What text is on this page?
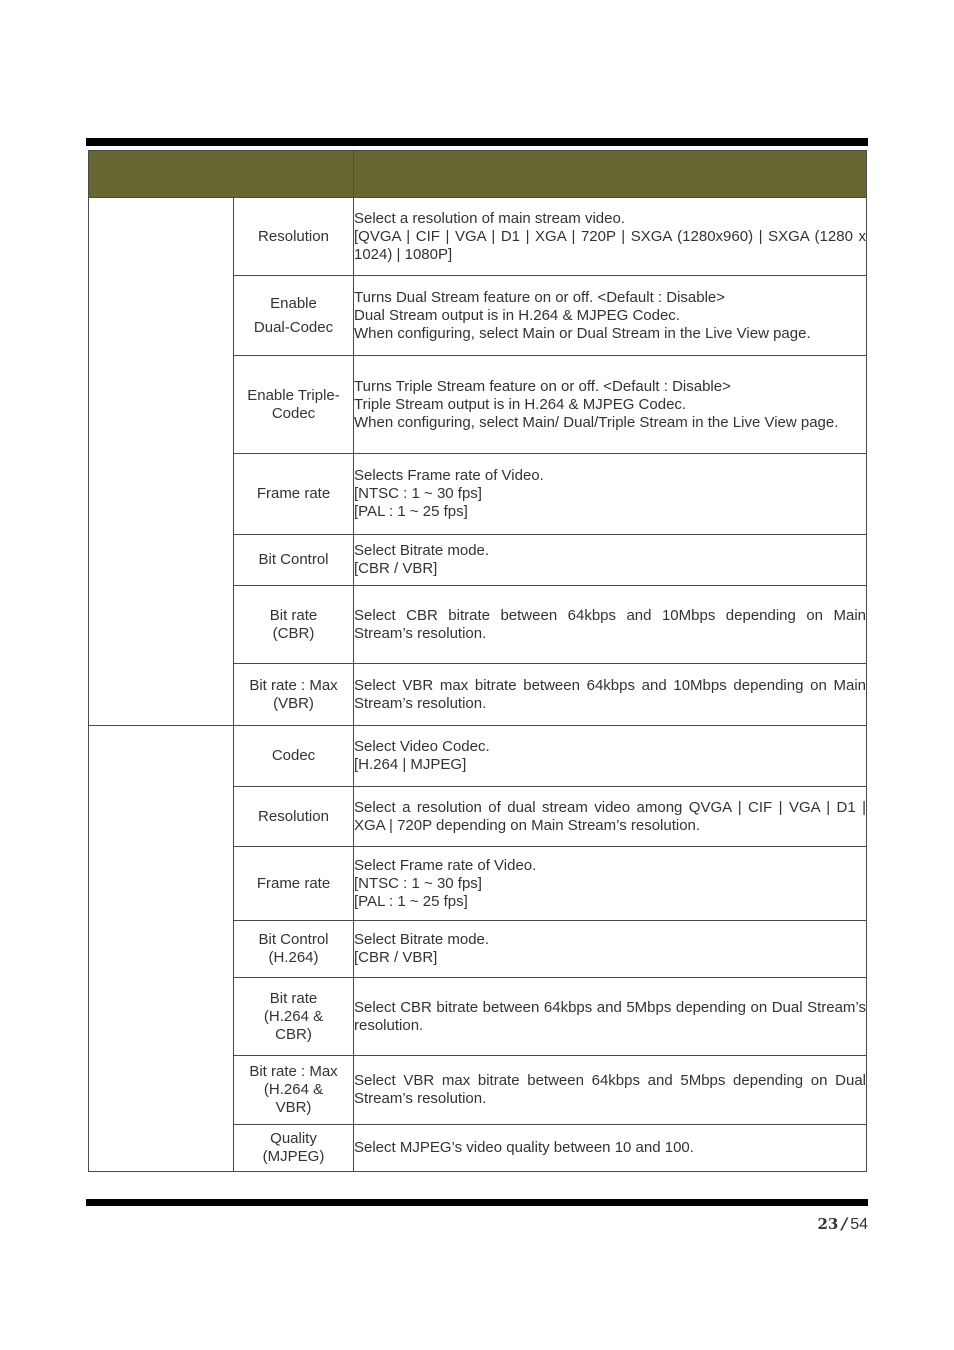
	Resolution	Select a resolution of main stream video.
[QVGA | CIF | VGA | D1 | XGA | 720P | SXGA (1280x960) | SXGA (1280 x 1024) | 1080P]

	Enable
Dual-Codec	Turns Dual Stream feature on or off. <Default : Disable>
Dual Stream output is in H.264 & MJPEG Codec.
When configuring, select Main or Dual Stream in the Live View page.

	Enable Triple-
Codec	Turns Triple Stream feature on or off. <Default : Disable>
Triple Stream output is in H.264 & MJPEG Codec.
When configuring, select Main/ Dual/Triple Stream in the Live View page.

	Frame rate	Selects Frame rate of Video.
[NTSC : 1 ~ 30 fps]
[PAL : 1 ~ 25 fps]

	Bit Control	Select Bitrate mode.
[CBR / VBR]

	Bit rate
(CBR)	Select CBR bitrate between 64kbps and 10Mbps depending on Main Stream’s resolution.

	Bit rate : Max
(VBR)	Select VBR max bitrate between 64kbps and 10Mbps depending on Main Stream’s resolution.

	Codec	Select Video Codec.
[H.264 | MJPEG]

	Resolution	Select a resolution of dual stream video among QVGA | CIF | VGA | D1 | XGA | 720P depending on Main Stream’s resolution.

	Frame rate	Select Frame rate of Video.
[NTSC : 1 ~ 30 fps]
[PAL : 1 ~ 25 fps]

	Bit Control
(H.264)	Select Bitrate mode.
[CBR / VBR]

	Bit rate
(H.264 &
CBR)	Select CBR bitrate between 64kbps and 5Mbps depending on Dual Stream’s resolution.

	Bit rate : Max
(H.264 &
VBR)	Select VBR max bitrate between 64kbps and 5Mbps depending on Dual Stream’s resolution.

	Quality
(MJPEG)	Select MJPEG’s video quality between 10 and 100.
23 / 54
